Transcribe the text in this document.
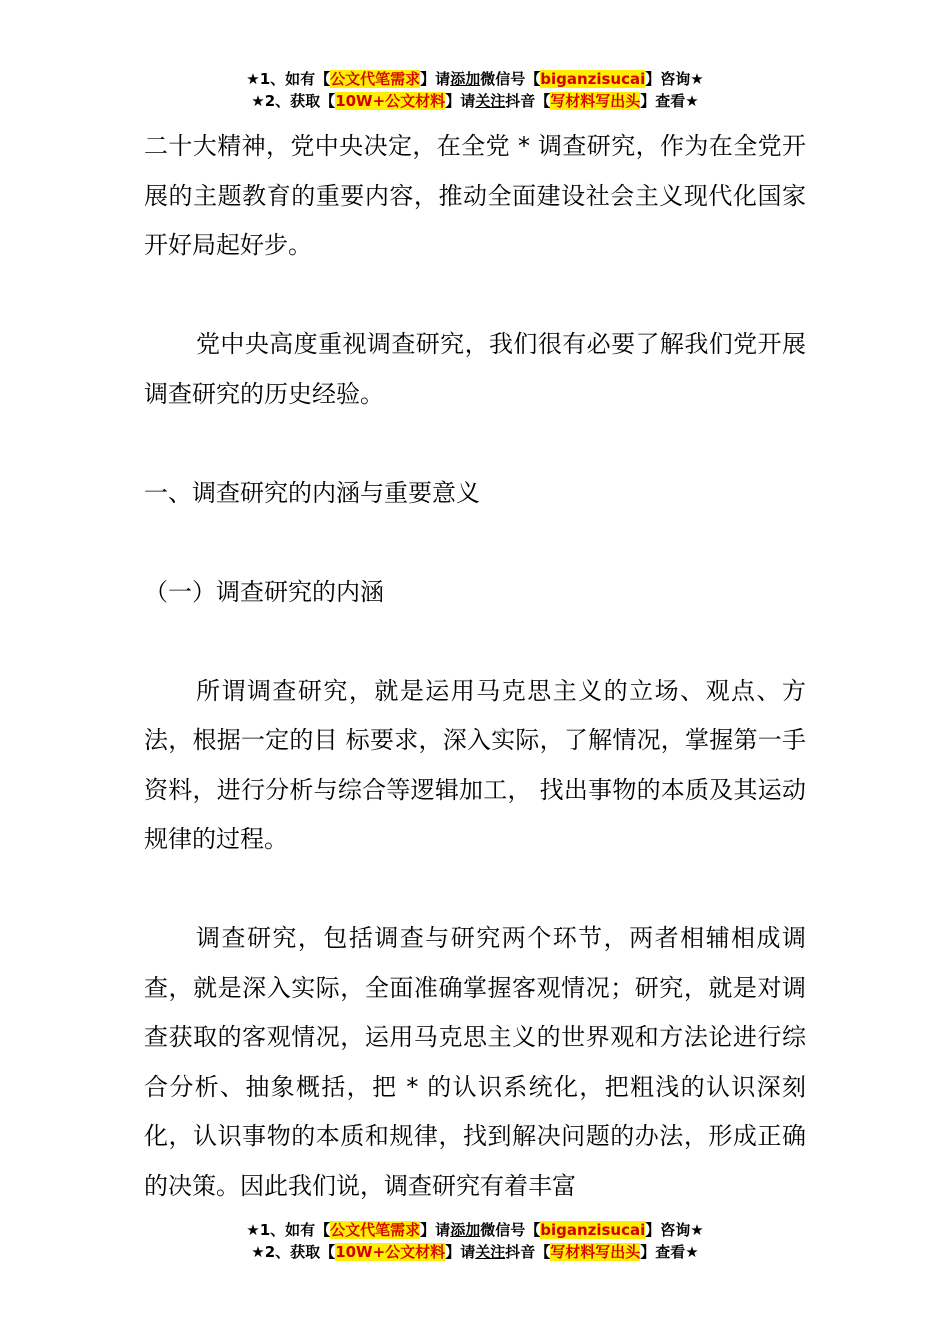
★1、如有【公文代笔需求】请添加微信号【biganzisucai】咨询★
★2、获取【10W+公文材料】请关注抖音【写材料写出头】查看★

二十大精神，党中央决定，在全党 * 调查研究，作为在全党开展的主题教育的重要内容，推动全面建设社会主义现代化国家开好局起好步。

党中央高度重视调查研究，我们很有必要了解我们党开展调查研究的历史经验。

一、调查研究的内涵与重要意义

（一）调查研究的内涵

所谓调查研究，就是运用马克思主义的立场、观点、方法，根据一定的目 标要求，深入实际，了解情况，掌握第一手资料，进行分析与综合等逻辑加工， 找出事物的本质及其运动规律的过程。

调查研究，包括调查与研究两个环节，两者相辅相成调查，就是深入实际，全面准确掌握客观情况；研究，就是对调查获取的客观情况，运用马克思主义的世界观和方法论进行综合分析、抽象概括，把 * 的认识系统化，把粗浅的认识深刻化，认识事物的本质和规律，找到解决问题的办法，形成正确的决策。因此我们说，调查研究有着丰富

★1、如有【公文代笔需求】请添加微信号【biganzisucai】咨询★
★2、获取【10W+公文材料】请关注抖音【写材料写出头】查看★
